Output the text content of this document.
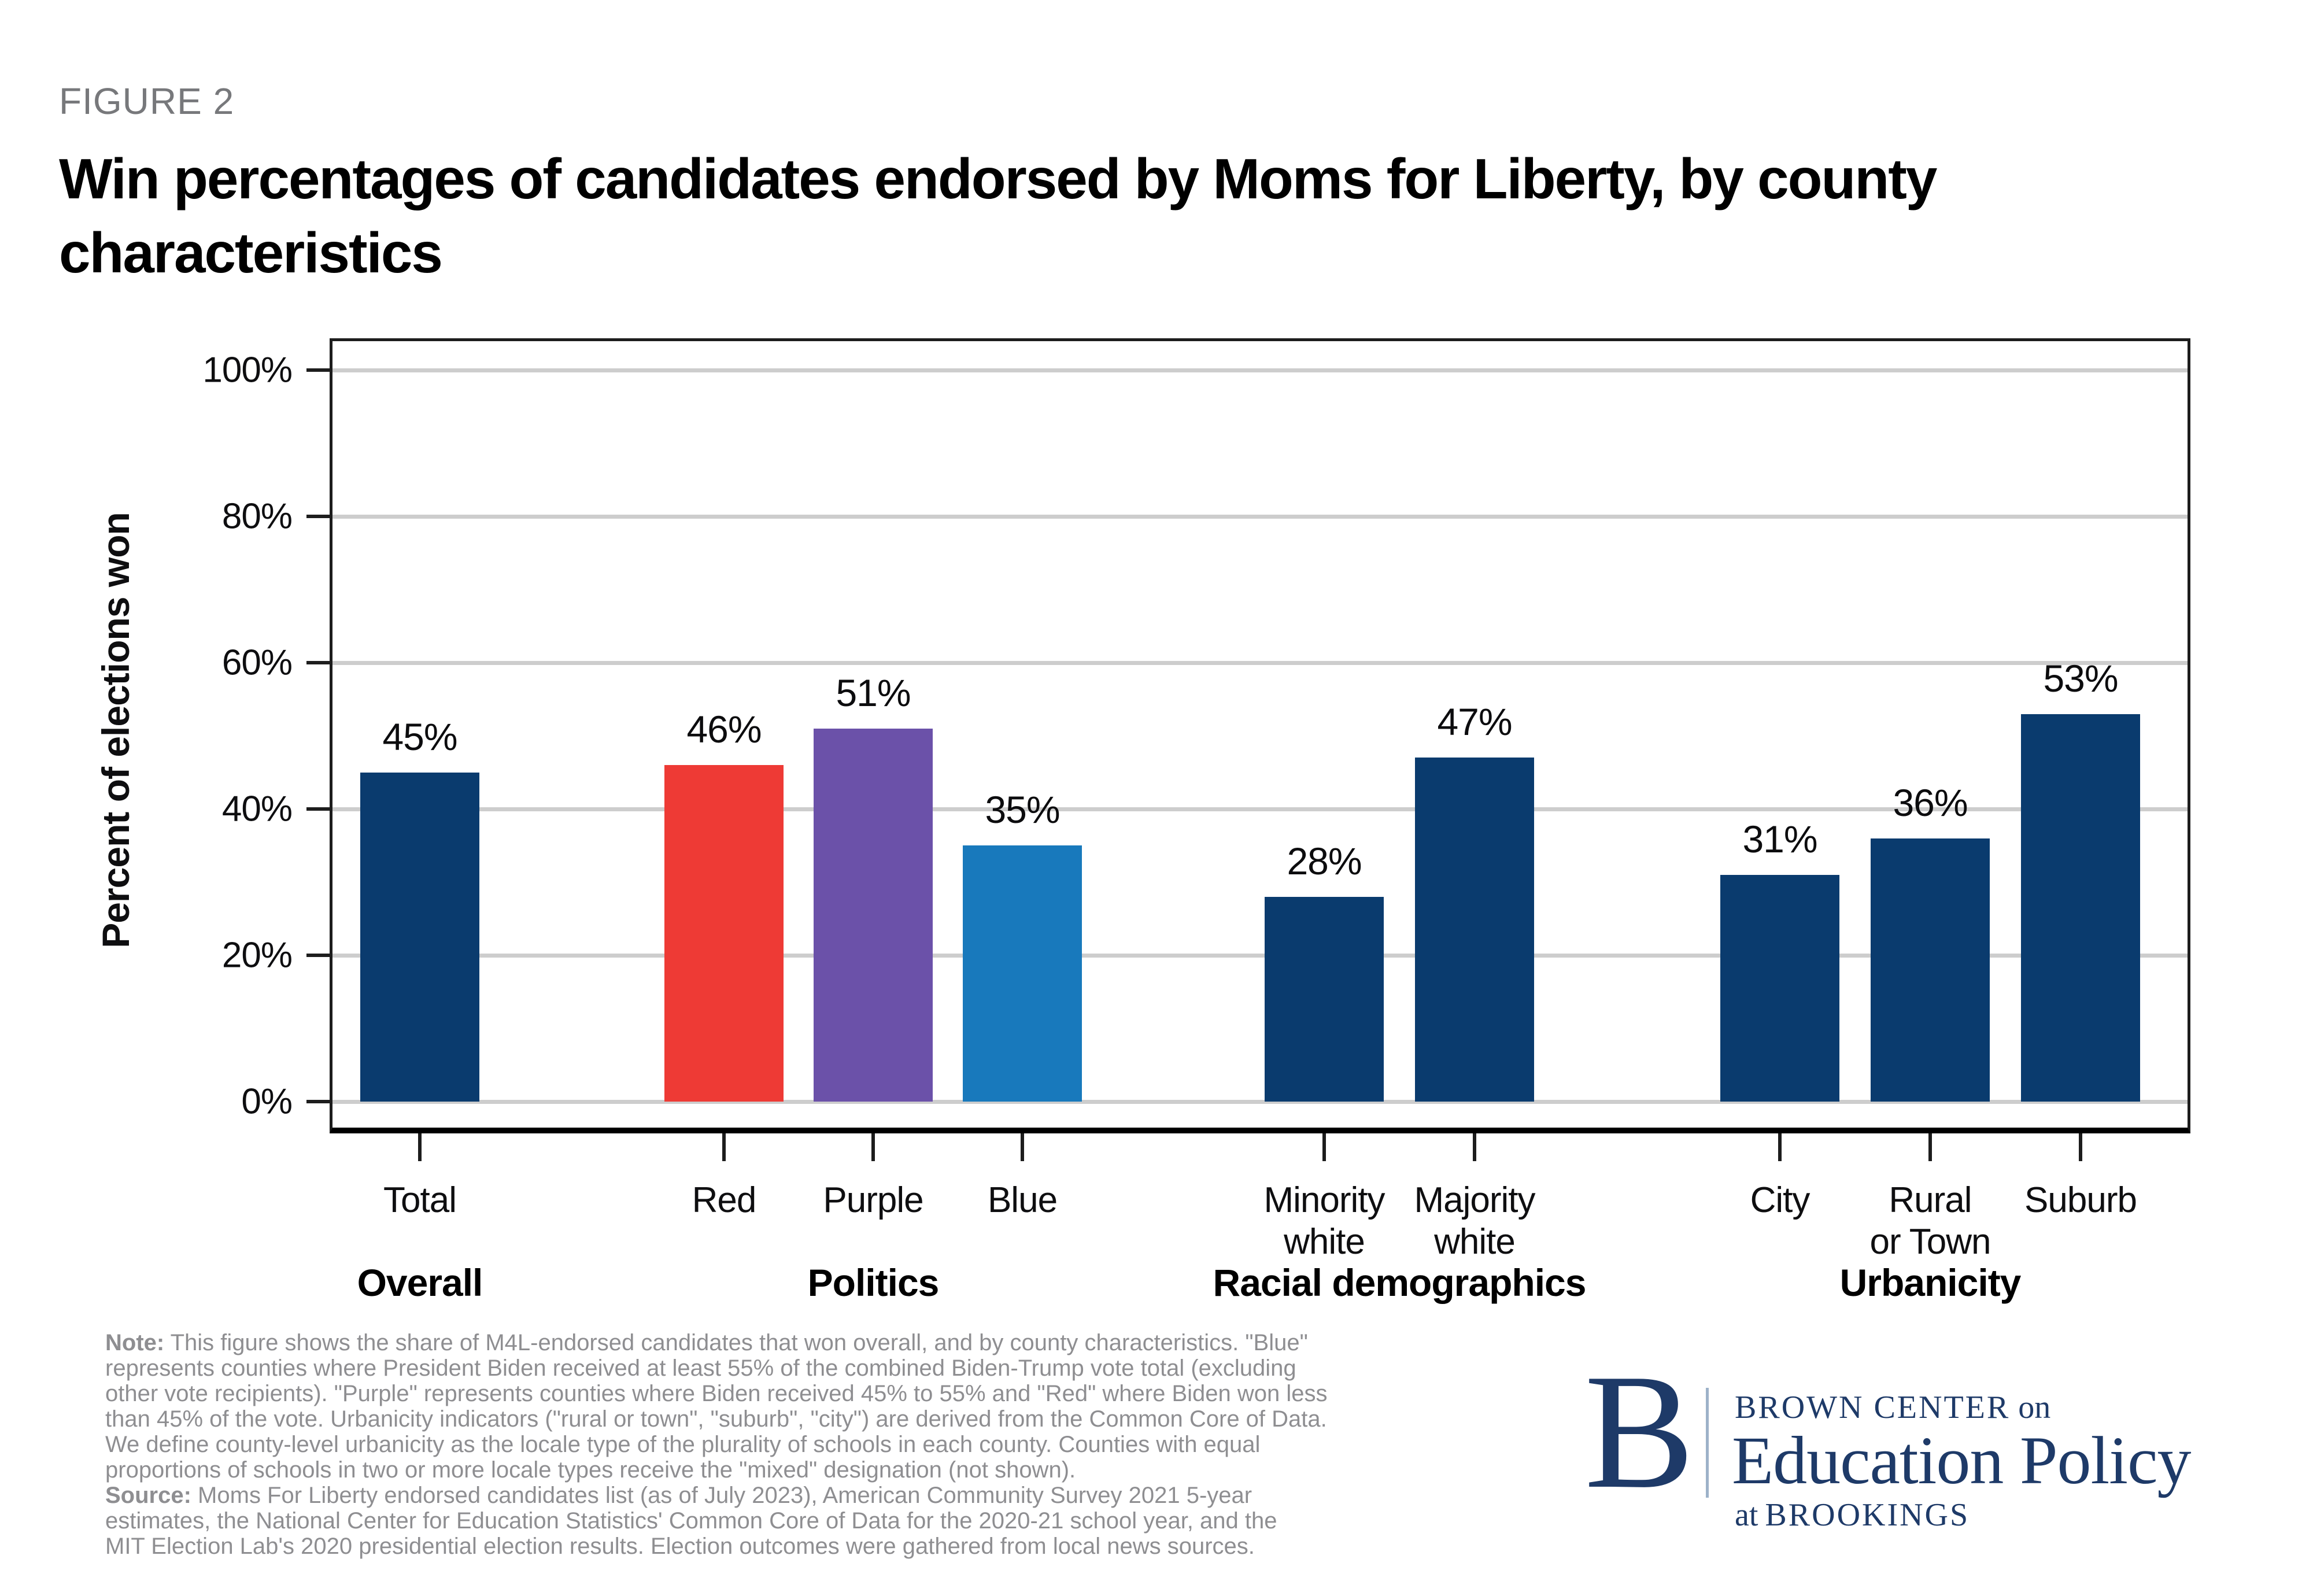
FIGURE 2
Win percentages of candidates endorsed by Moms for Liberty, by county
characteristics
Percent of elections won
0%
20%
40%
60%
80%
100%
45%
Total
Overall
46%
Red
51%
Purple
35%
Blue
Politics
28%
Minority
white
47%
Majority
white
Racial demographics
31%
City
36%
Rural
or Town
53%
Suburb
Urbanicity
Note: This figure shows the share of M4L-endorsed candidates that won overall, and by county characteristics. "Blue"
represents counties where President Biden received at least 55% of the combined Biden-Trump vote total (excluding
other vote recipients). "Purple" represents counties where Biden received 45% to 55% and "Red" where Biden won less
than 45% of the vote. Urbanicity indicators ("rural or town", "suburb", "city") are derived from the Common Core of Data.
We define county-level urbanicity as the locale type of the plurality of schools in each county. Counties with equal
proportions of schools in two or more locale types receive the "mixed" designation (not shown).
Source: Moms For Liberty endorsed candidates list (as of July 2023), American Community Survey 2021 5-year
estimates, the National Center for Education Statistics' Common Core of Data for the 2020-21 school year, and the
MIT Election Lab's 2020 presidential election results. Election outcomes were gathered from local news sources.
B BROWN CENTER on
Education Policy
at BROOKINGS
